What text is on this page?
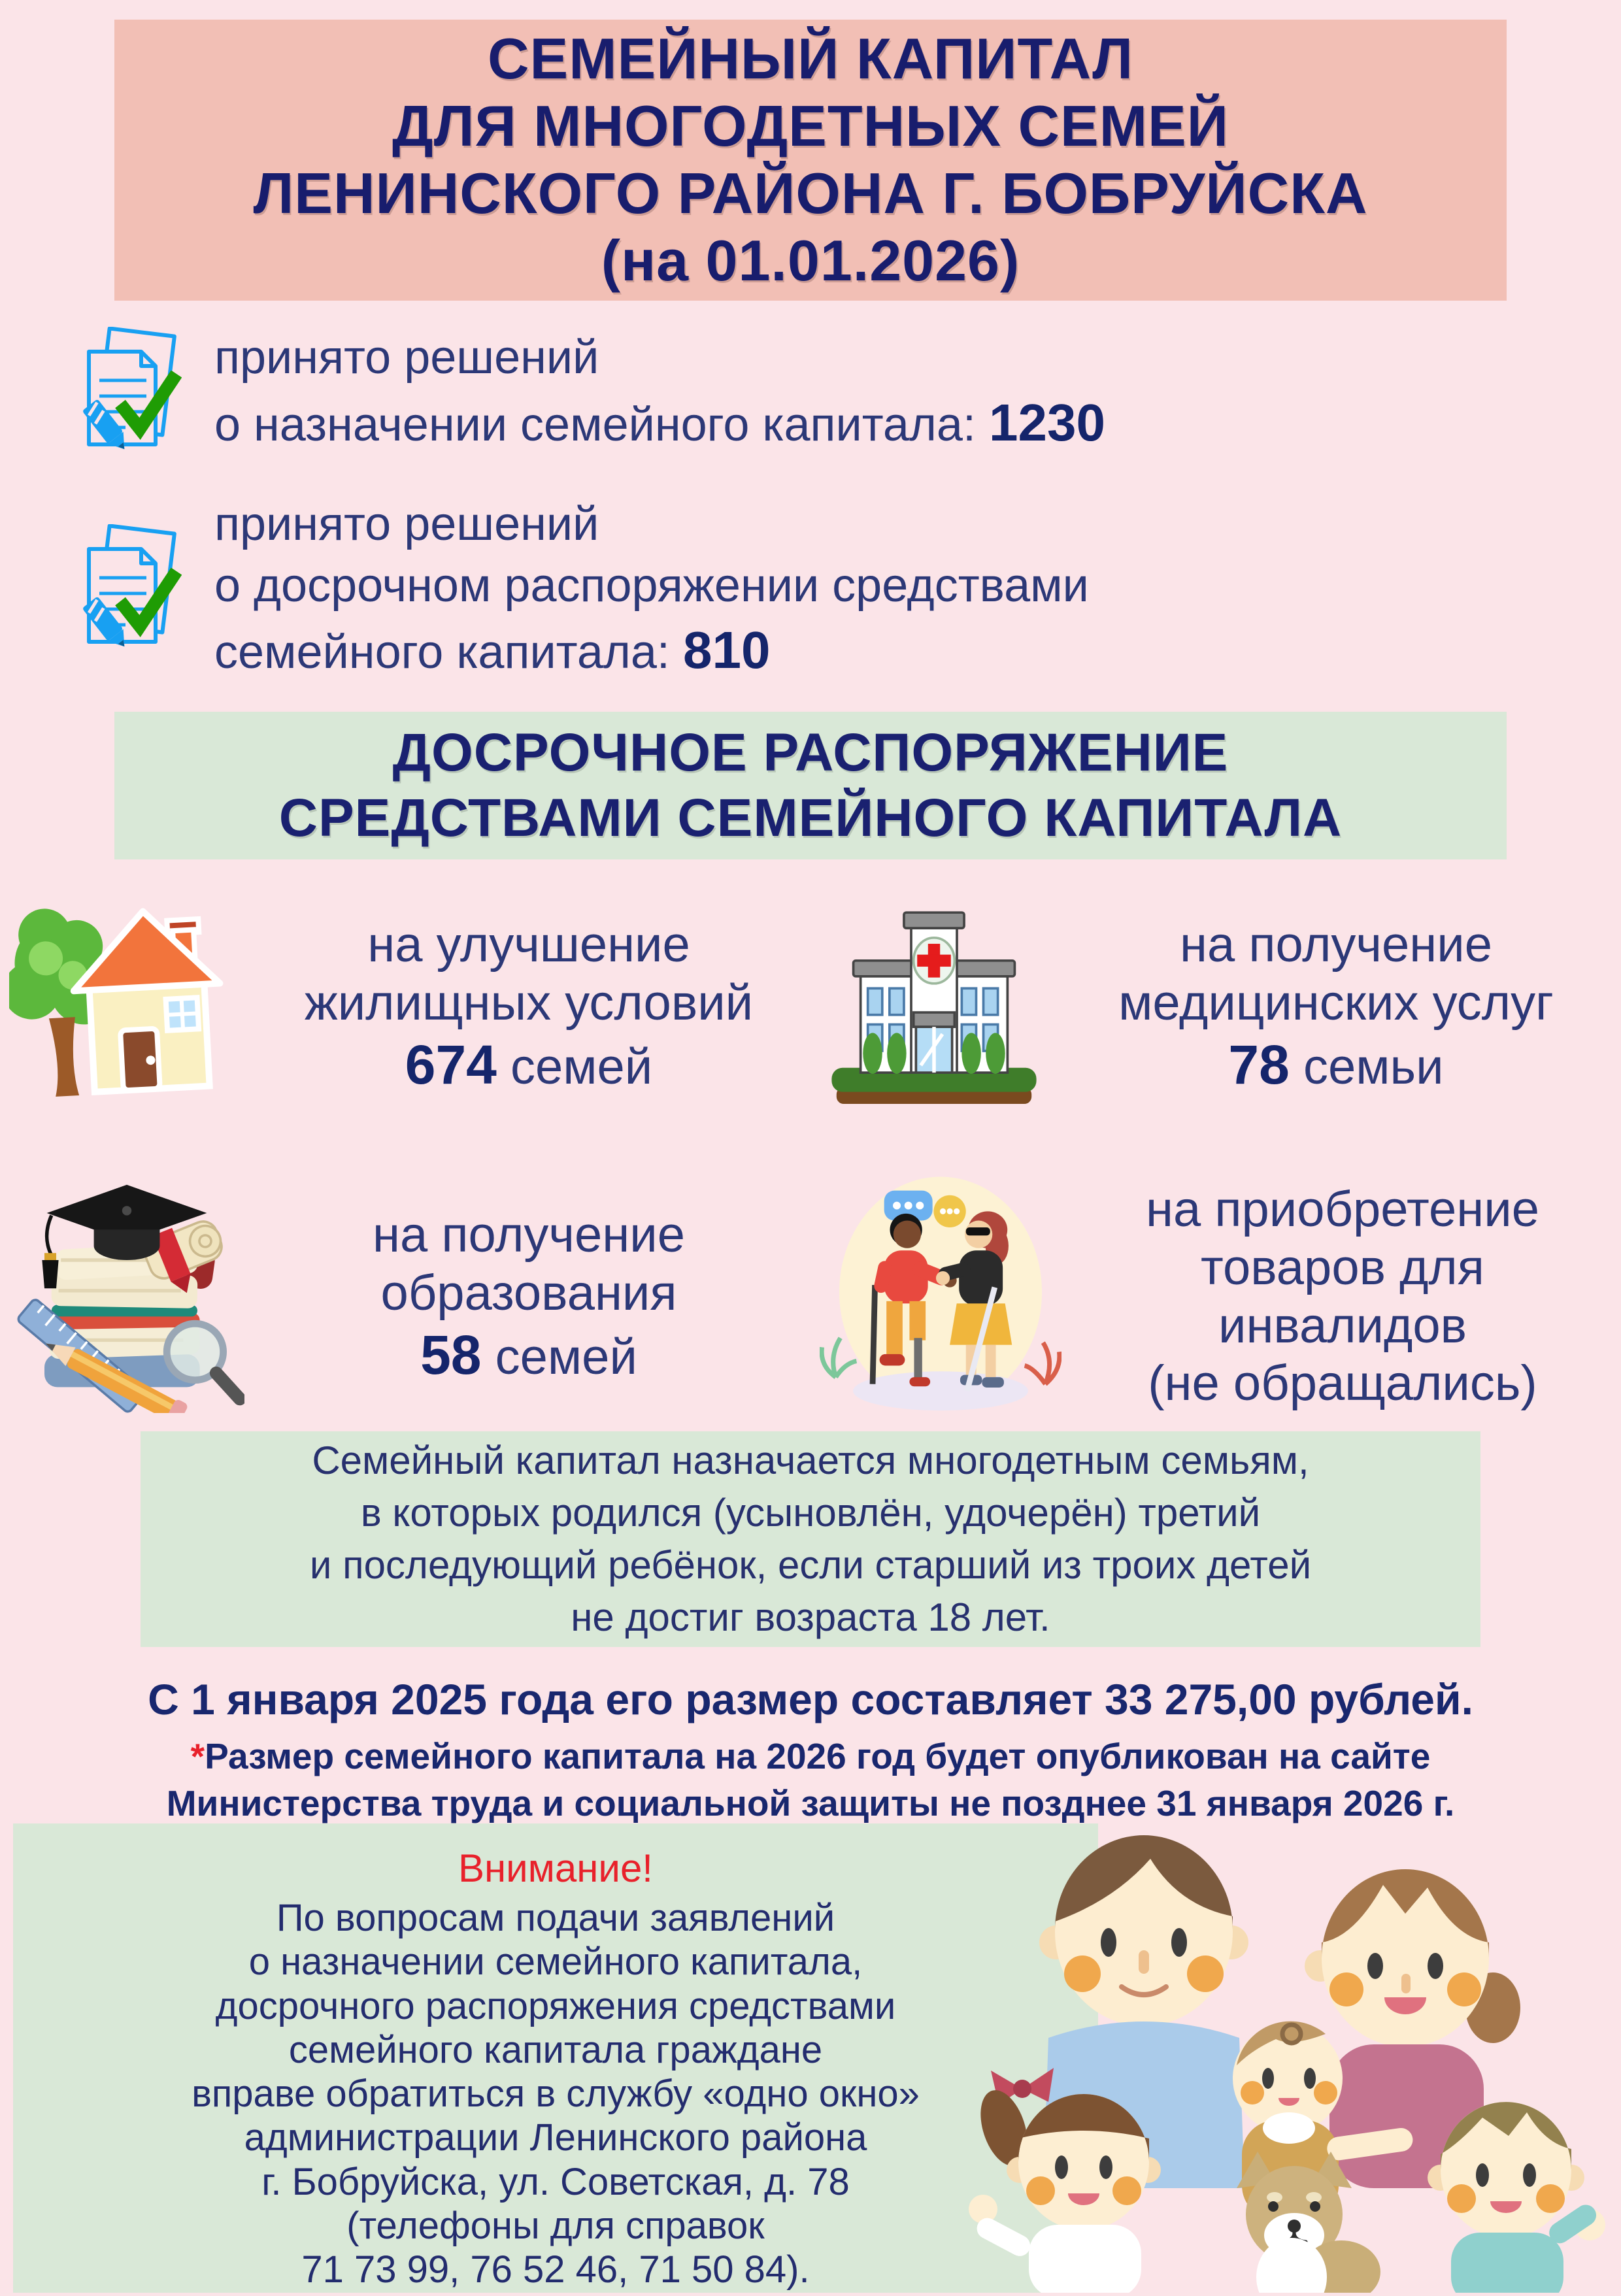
СЕМЕЙНЫЙ КАПИТАЛ
ДЛЯ МНОГОДЕТНЫХ СЕМЕЙ
ЛЕНИНСКОГО РАЙОНА Г. БОБРУЙСКА
(на 01.01.2026)
принято решений
о назначении семейного капитала: 1230
принято решений
о досрочном распоряжении средствами
семейного капитала: 810
ДОСРОЧНОЕ РАСПОРЯЖЕНИЕ
СРЕДСТВАМИ СЕМЕЙНОГО КАПИТАЛА
на улучшение
жилищных условий
674 семей
на получение
медицинских услуг
78 семьи
на получение
образования
58 семей
на приобретение
товаров для
инвалидов
(не обращались)
Семейный капитал назначается многодетным семьям,
в которых родился (усыновлён, удочерён) третий
и последующий ребёнок, если старший из троих детей
не достиг возраста 18 лет.

С 1 января 2025 года его размер составляет 33 275,00 рублей.

*Размер семейного капитала на 2026 год будет опубликован на сайте
Министерства труда и социальной защиты не позднее 31 января 2026 г.
Внимание!
По вопросам подачи заявлений
о назначении семейного капитала,
досрочного распоряжения средствами
семейного капитала граждане
вправе обратиться в службу «одно окно»
администрации Ленинского района
г. Бобруйска, ул. Советская, д. 78
(телефоны для справок
71 73 99, 76 52 46, 71 50 84).
